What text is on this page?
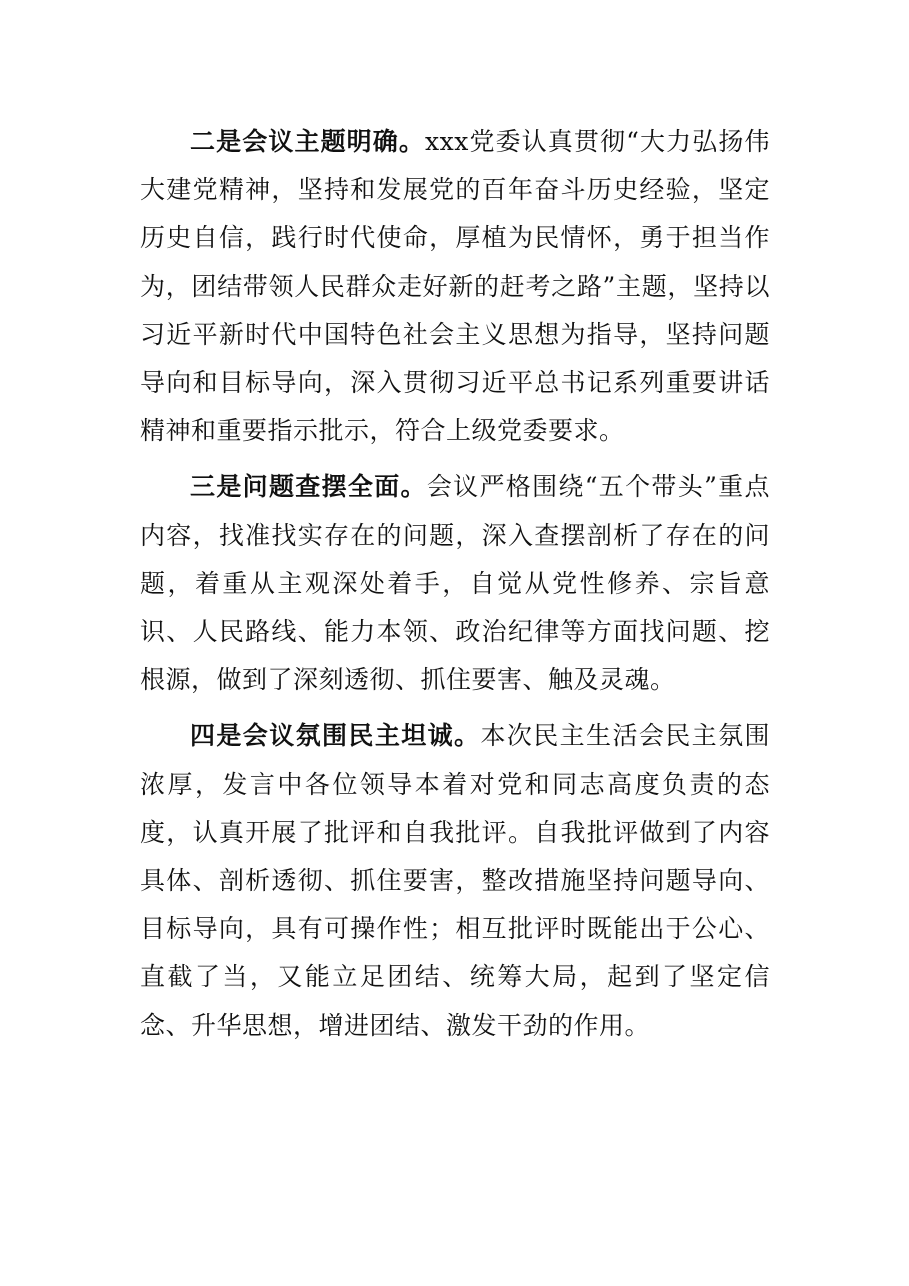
二是会议主题明确。xxx党委认真贯彻“大力弘扬伟大建党精神，坚持和发展党的百年奋斗历史经验，坚定历史自信，践行时代使命，厚植为民情怀，勇于担当作为，团结带领人民群众走好新的赶考之路”主题，坚持以习近平新时代中国特色社会主义思想为指导，坚持问题导向和目标导向，深入贯彻习近平总书记系列重要讲话精神和重要指示批示，符合上级党委要求。

三是问题查摆全面。会议严格围绕“五个带头”重点内容，找准找实存在的问题，深入查摆剖析了存在的问题，着重从主观深处着手，自觉从党性修养、宗旨意识、人民路线、能力本领、政治纪律等方面找问题、挖根源，做到了深刻透彻、抓住要害、触及灵魂。

四是会议氛围民主坦诚。本次民主生活会民主氛围浓厚，发言中各位领导本着对党和同志高度负责的态度，认真开展了批评和自我批评。自我批评做到了内容具体、剖析透彻、抓住要害，整改措施坚持问题导向、目标导向，具有可操作性；相互批评时既能出于公心、直截了当，又能立足团结、统筹大局，起到了坚定信念、升华思想，增进团结、激发干劲的作用。
